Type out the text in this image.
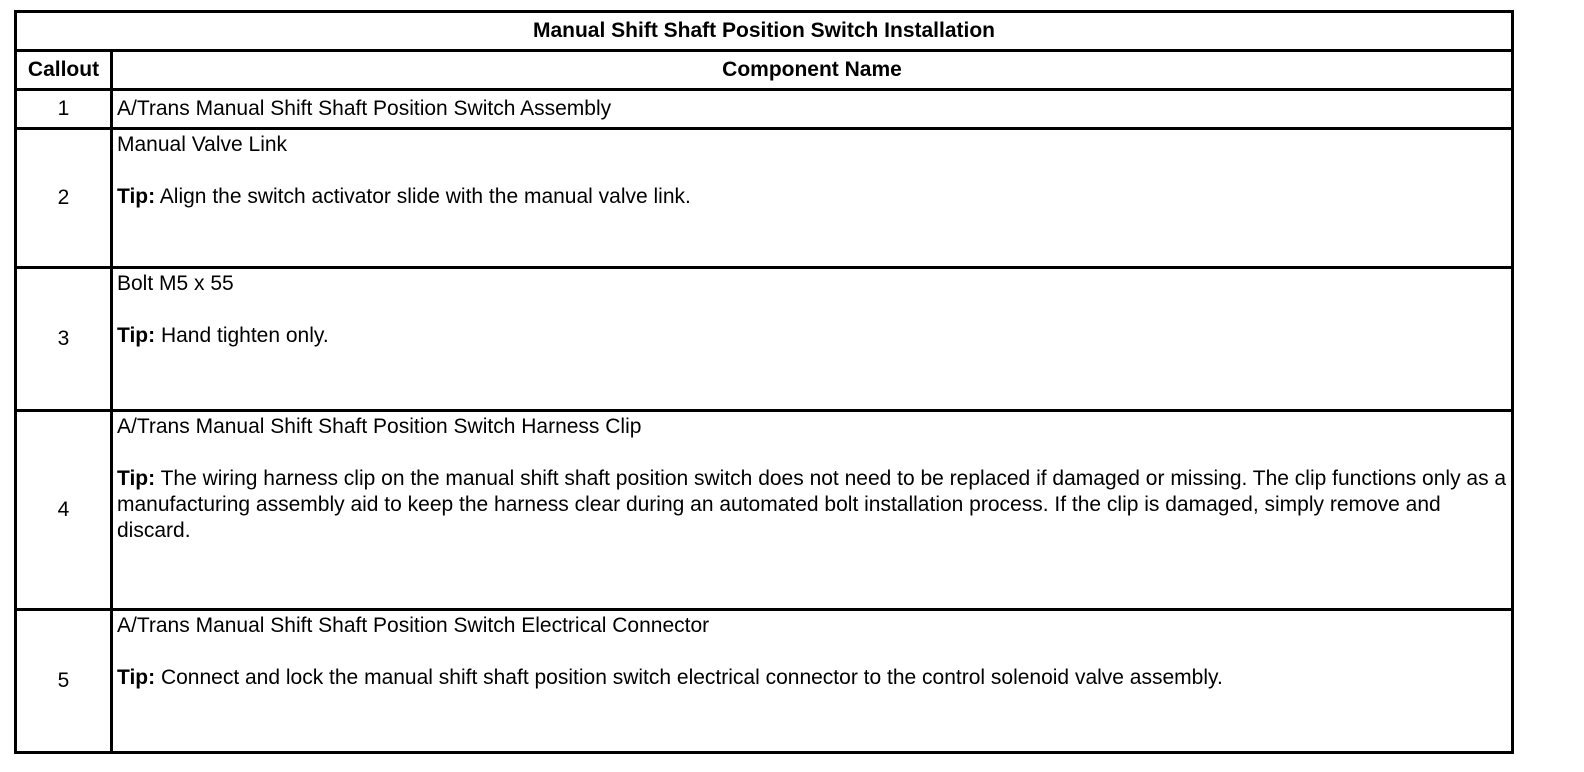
Manual Shift Shaft Position Switch Installation	
Callout	Component Name
1	A/Trans Manual Shift Shaft Position Switch Assembly

2	Manual Valve Link
Tip: Align the switch activator slide with the manual valve link.

3	Bolt M5 x 55
Tip: Hand tighten only.

4	A/Trans Manual Shift Shaft Position Switch Harness Clip
Tip: The wiring harness clip on the manual shift shaft position switch does not need to be replaced if damaged or missing. The clip functions only as a manufacturing assembly aid to keep the harness clear during an automated bolt installation process. If the clip is damaged, simply remove and discard.

5	A/Trans Manual Shift Shaft Position Switch Electrical Connector
Tip: Connect and lock the manual shift shaft position switch electrical connector to the control solenoid valve assembly.
